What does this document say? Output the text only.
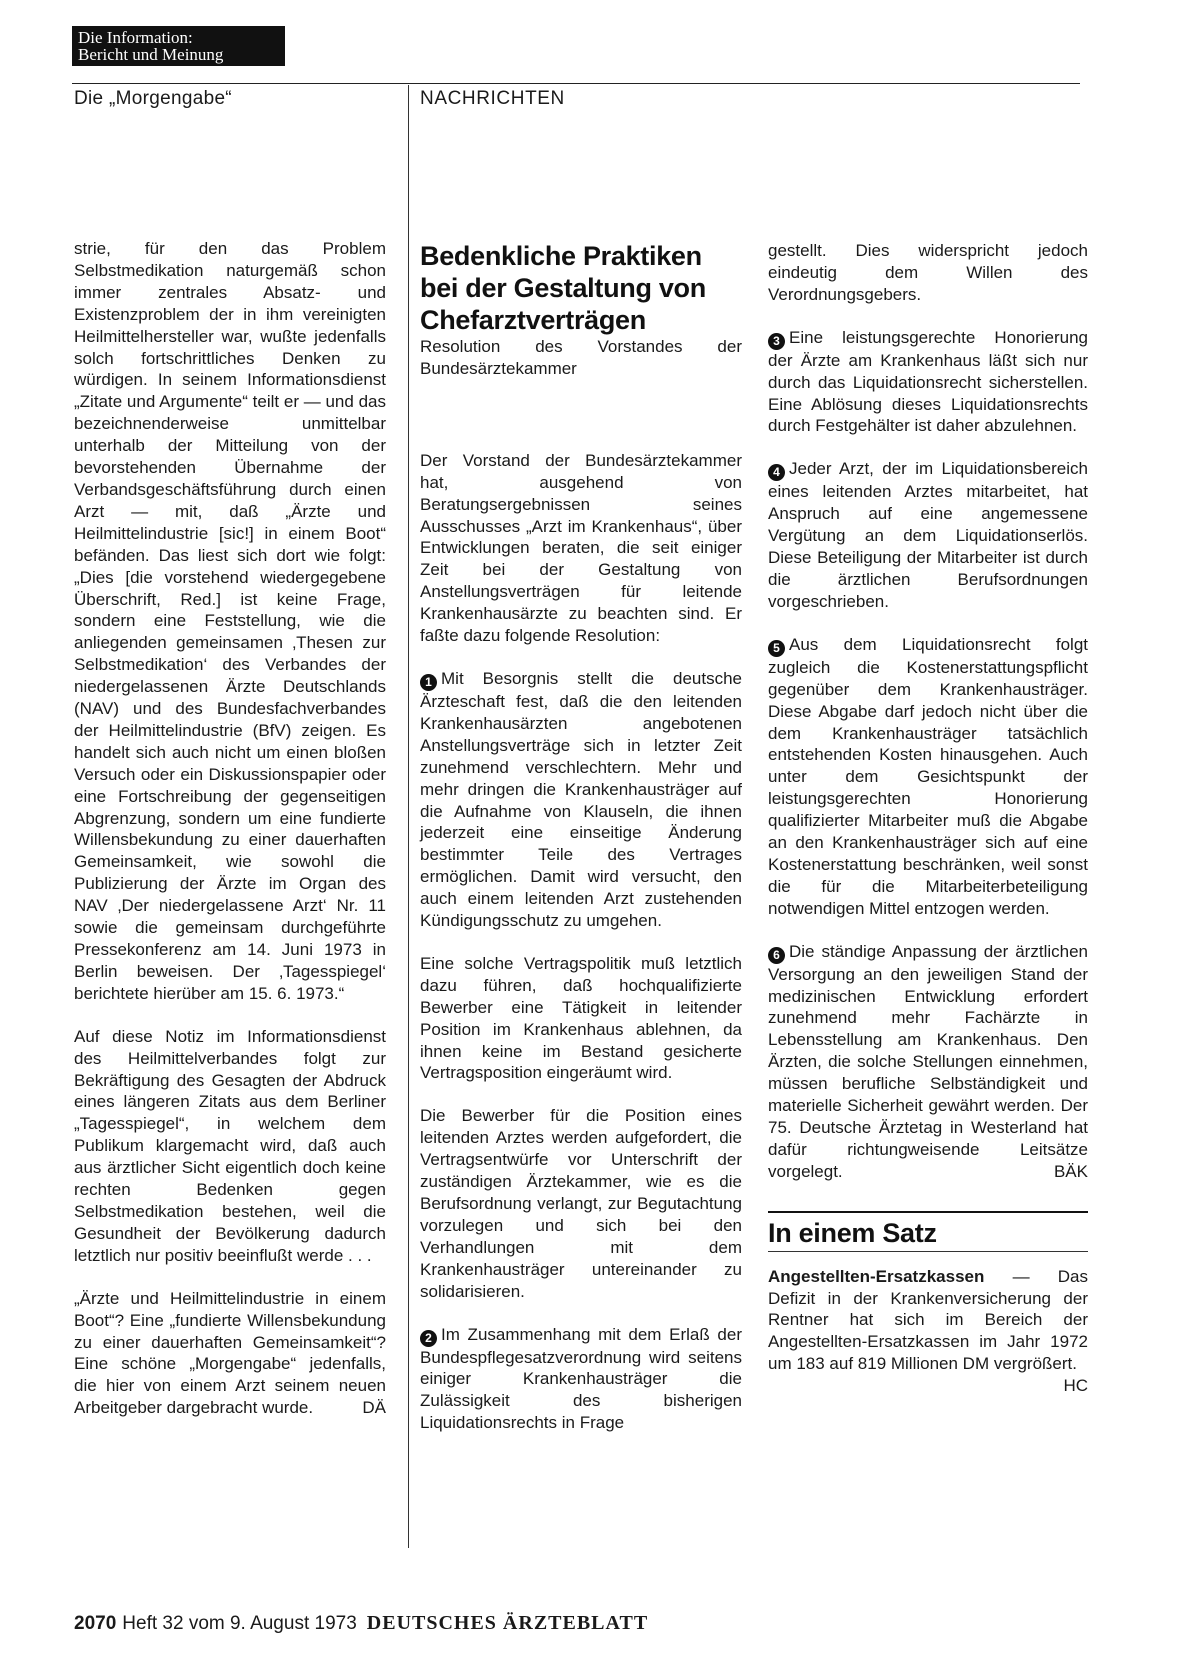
Die Information:
Bericht und Meinung
Die „Morgengabe“	NACHRICHTEN

strie, für den das Problem Selbstmedikation naturgemäß schon immer zentrales Absatz- und Existenzproblem der in ihm vereinigten Heilmittelhersteller war, wußte jedenfalls solch fortschrittliches Denken zu würdigen. In seinem Informationsdienst „Zitate und Argumente“ teilt er — und das bezeichnenderweise unmittelbar unterhalb der Mitteilung von der bevorstehenden Übernahme der Verbandsgeschäftsführung durch einen Arzt — mit, daß „Ärzte und Heilmittelindustrie [sic!] in einem Boot“ befänden. Das liest sich dort wie folgt: „Dies [die vorstehend wiedergegebene Überschrift, Red.] ist keine Frage, sondern eine Feststellung, wie die anliegenden gemeinsamen ‚Thesen zur Selbstmedikation‘ des Verbandes der niedergelassenen Ärzte Deutschlands (NAV) und des Bundesfachverbandes der Heilmittelindustrie (BfV) zeigen. Es handelt sich auch nicht um einen bloßen Versuch oder ein Diskussionspapier oder eine Fortschreibung der gegenseitigen Abgrenzung, sondern um eine fundierte Willensbekundung zu einer dauerhaften Gemeinsamkeit, wie sowohl die Publizierung der Ärzte im Organ des NAV ‚Der niedergelassene Arzt‘ Nr. 11 sowie die gemeinsam durchgeführte Pressekonferenz am 14. Juni 1973 in Berlin beweisen. Der ‚Tagesspiegel‘ berichtete hierüber am 15. 6. 1973.“

Auf diese Notiz im Informationsdienst des Heilmittelverbandes folgt zur Bekräftigung des Gesagten der Abdruck eines längeren Zitats aus dem Berliner „Tagesspiegel“, in welchem dem Publikum klargemacht wird, daß auch aus ärztlicher Sicht eigentlich doch keine rechten Bedenken gegen Selbstmedikation bestehen, weil die Gesundheit der Bevölkerung dadurch letztlich nur positiv beeinflußt werde . . .

„Ärzte und Heilmittelindustrie in einem Boot“? Eine „fundierte Willensbekundung zu einer dauerhaften Gemeinsamkeit“? Eine schöne „Morgengabe“ jedenfalls, die hier von einem Arzt seinem neuen Arbeitgeber dargebracht wurde.	DÄ

Bedenkliche Praktiken bei der Gestaltung von Chefarztverträgen

Resolution des Vorstandes der Bundesärztekammer

Der Vorstand der Bundesärztekammer hat, ausgehend von Beratungsergebnissen seines Ausschusses „Arzt im Krankenhaus“, über Entwicklungen beraten, die seit einiger Zeit bei der Gestaltung von Anstellungsverträgen für leitende Krankenhausärzte zu beachten sind. Er faßte dazu folgende Resolution:

1 Mit Besorgnis stellt die deutsche Ärzteschaft fest, daß die den leitenden Krankenhausärzten angebotenen Anstellungsverträge sich in letzter Zeit zunehmend verschlechtern. Mehr und mehr dringen die Krankenhausträger auf die Aufnahme von Klauseln, die ihnen jederzeit eine einseitige Änderung bestimmter Teile des Vertrages ermöglichen. Damit wird versucht, den auch einem leitenden Arzt zustehenden Kündigungsschutz zu umgehen.

Eine solche Vertragspolitik muß letztlich dazu führen, daß hochqualifizierte Bewerber eine Tätigkeit in leitender Position im Krankenhaus ablehnen, da ihnen keine im Bestand gesicherte Vertragsposition eingeräumt wird.

Die Bewerber für die Position eines leitenden Arztes werden aufgefordert, die Vertragsentwürfe vor Unterschrift der zuständigen Ärztekammer, wie es die Berufsordnung verlangt, zur Begutachtung vorzulegen und sich bei den Verhandlungen mit dem Krankenhausträger untereinander zu solidarisieren.

2 Im Zusammenhang mit dem Erlaß der Bundespflegesatzverordnung wird seitens einiger Krankenhausträger die Zulässigkeit des bisherigen Liquidationsrechts in Frage

gestellt. Dies widerspricht jedoch eindeutig dem Willen des Verordnungsgebers.

3 Eine leistungsgerechte Honorierung der Ärzte am Krankenhaus läßt sich nur durch das Liquidationsrecht sicherstellen. Eine Ablösung dieses Liquidationsrechts durch Festgehälter ist daher abzulehnen.

4 Jeder Arzt, der im Liquidationsbereich eines leitenden Arztes mitarbeitet, hat Anspruch auf eine angemessene Vergütung an dem Liquidationserlös. Diese Beteiligung der Mitarbeiter ist durch die ärztlichen Berufsordnungen vorgeschrieben.

5 Aus dem Liquidationsrecht folgt zugleich die Kostenerstattungspflicht gegenüber dem Krankenhausträger. Diese Abgabe darf jedoch nicht über die dem Krankenhausträger tatsächlich entstehenden Kosten hinausgehen. Auch unter dem Gesichtspunkt der leistungsgerechten Honorierung qualifizierter Mitarbeiter muß die Abgabe an den Krankenhausträger sich auf eine Kostenerstattung beschränken, weil sonst die für die Mitarbeiterbeteiligung notwendigen Mittel entzogen werden.

6 Die ständige Anpassung der ärztlichen Versorgung an den jeweiligen Stand der medizinischen Entwicklung erfordert zunehmend mehr Fachärzte in Lebensstellung am Krankenhaus. Den Ärzten, die solche Stellungen einnehmen, müssen berufliche Selbständigkeit und materielle Sicherheit gewährt werden. Der 75. Deutsche Ärztetag in Westerland hat dafür richtungweisende Leitsätze vorgelegt.	BÄK

In einem Satz

Angestellten-Ersatzkassen — Das Defizit in der Krankenversicherung der Rentner hat sich im Bereich der Angestellten-Ersatzkassen im Jahr 1972 um 183 auf 819 Millionen DM vergrößert.
HC

2070 Heft 32 vom 9. August 1973 DEUTSCHES ÄRZTEBLATT
